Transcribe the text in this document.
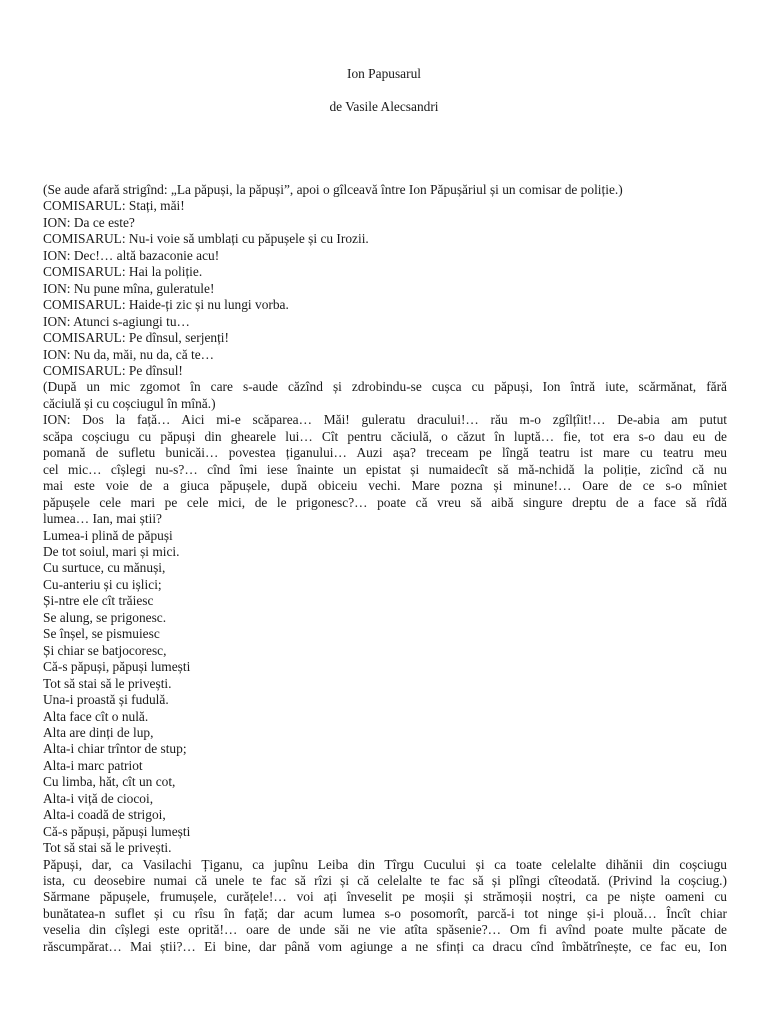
Ion Papusarul
de Vasile Alecsandri
(Se aude afară strigînd: „La păpuși, la păpuși”, apoi o gîlceavă între Ion Păpușăriul și un comisar de poliție.)
COMISARUL: Stați, măi!
ION: Da ce este?
COMISARUL: Nu-i voie să umblați cu păpușele și cu Irozii.
ION: Dec!… altă bazaconie acu!
COMISARUL: Hai la poliție.
ION: Nu pune mîna, guleratule!
COMISARUL: Haide-ți zic și nu lungi vorba.
ION: Atunci s-agiungi tu…
COMISARUL: Pe dînsul, serjenți!
ION: Nu da, măi, nu da, că te…
COMISARUL: Pe dînsul!
(După un mic zgomot în care s-aude căzînd și zdrobindu-se cușca cu păpuși, Ion întră iute, scărmănat, fără
căciulă și cu coșciugul în mînă.)
ION: Dos la față… Aici mi-e scăparea… Măi! guleratu dracului!… rău m-o zgîlțîit!… De-abia am putut
scăpa coșciugu cu păpuși din ghearele lui… Cît pentru căciulă, o căzut în luptă… fie, tot era s-o dau eu de
pomană de sufletu bunicăi… povestea țiganului… Auzi așa? treceam pe lîngă teatru ist mare cu teatru meu
cel mic… cîșlegi nu-s?… cînd îmi iese înainte un epistat și numaidecît să mă-nchidă la poliție, zicînd că nu
mai este voie de a giuca păpușele, după obiceiu vechi. Mare pozna și minune!… Oare de ce s-o mîniet
păpușele cele mari pe cele mici, de le prigonesc?… poate că vreu să aibă singure dreptu de a face să rîdă
lumea… Ian, mai știi?
Lumea-i plină de păpuși
De tot soiul, mari și mici.
Cu surtuce, cu mănuși,
Cu-anteriu și cu ișlici;
Și-ntre ele cît trăiesc
Se alung, se prigonesc.
Se înșel, se pismuiesc
Și chiar se batjocoresc,
Că-s păpuși, păpuși lumești
Tot să stai să le privești.
Una-i proastă și fudulă.
Alta face cît o nulă.
Alta are dinți de lup,
Alta-i chiar trîntor de stup;
Alta-i marc patriot
Cu limba, hăt, cît un cot,
Alta-i viță de ciocoi,
Alta-i coadă de strigoi,
Că-s păpuși, păpuși lumești
Tot să stai să le privești.
Păpuși, dar, ca Vasilachi Țiganu, ca jupînu Leiba din Tîrgu Cucului și ca toate celelalte dihănii din coșciugu
ista, cu deosebire numai că unele te fac să rîzi și că celelalte te fac să și plîngi cîteodată. (Privind la coșciug.)
Sărmane păpușele, frumușele, curățele!… voi ați înveselit pe moșii și strămoșii noștri, ca pe niște oameni cu
bunătatea-n suflet și cu rîsu în față; dar acum lumea s-o posomorît, parcă-i tot ninge și-i plouă… Încît chiar
veselia din cîșlegi este oprită!… oare de unde săi ne vie atîta spăsenie?… Om fi avînd poate multe păcate de
răscumpărat… Mai știi?… Ei bine, dar până vom agiunge a ne sfinți ca dracu cînd îmbătrînește, ce fac eu, Ion
